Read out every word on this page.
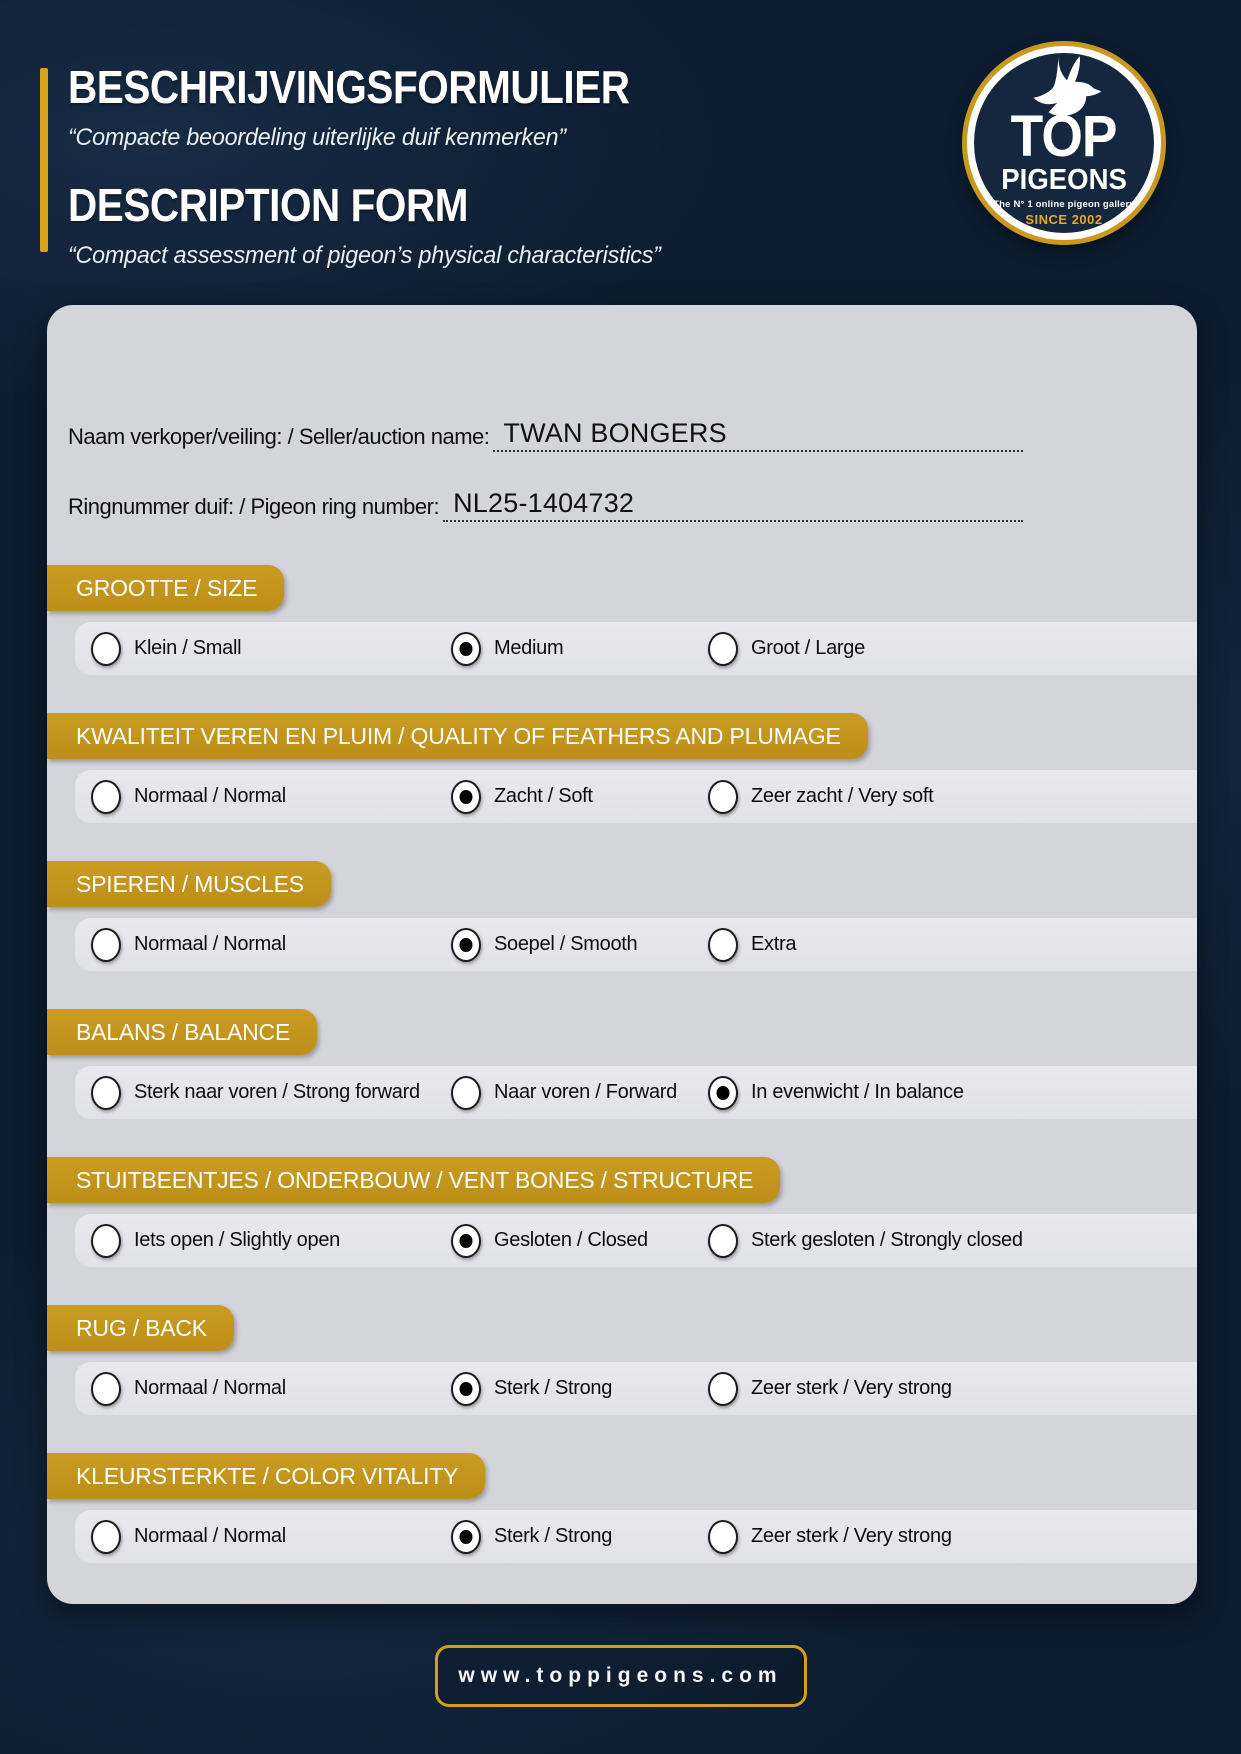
BESCHRIJVINGSFORMULIER
“Compacte beoordeling uiterlijke duif kenmerken”
DESCRIPTION FORM
“Compact assessment of pigeon’s physical characteristics”
TOP
PIGEONS
The N° 1 online pigeon gallery
SINCE 2002
Naam verkoper/veiling: / Seller/auction name: TWAN BONGERS
Ringnummer duif: / Pigeon ring number: NL25-1404732
GROOTTE / SIZE
Klein / Small	Medium	Groot / Large
KWALITEIT VEREN EN PLUIM / QUALITY OF FEATHERS AND PLUMAGE
Normaal / Normal	Zacht / Soft	Zeer zacht / Very soft
SPIEREN / MUSCLES
Normaal / Normal	Soepel / Smooth	Extra
BALANS / BALANCE
Sterk naar voren / Strong forward	Naar voren / Forward	In evenwicht / In balance
STUITBEENTJES / ONDERBOUW / VENT BONES / STRUCTURE
Iets open / Slightly open	Gesloten / Closed	Sterk gesloten / Strongly closed
RUG / BACK
Normaal / Normal	Sterk / Strong	Zeer sterk / Very strong
KLEURSTERKTE / COLOR VITALITY
Normaal / Normal	Sterk / Strong	Zeer sterk / Very strong
www.toppigeons.com
